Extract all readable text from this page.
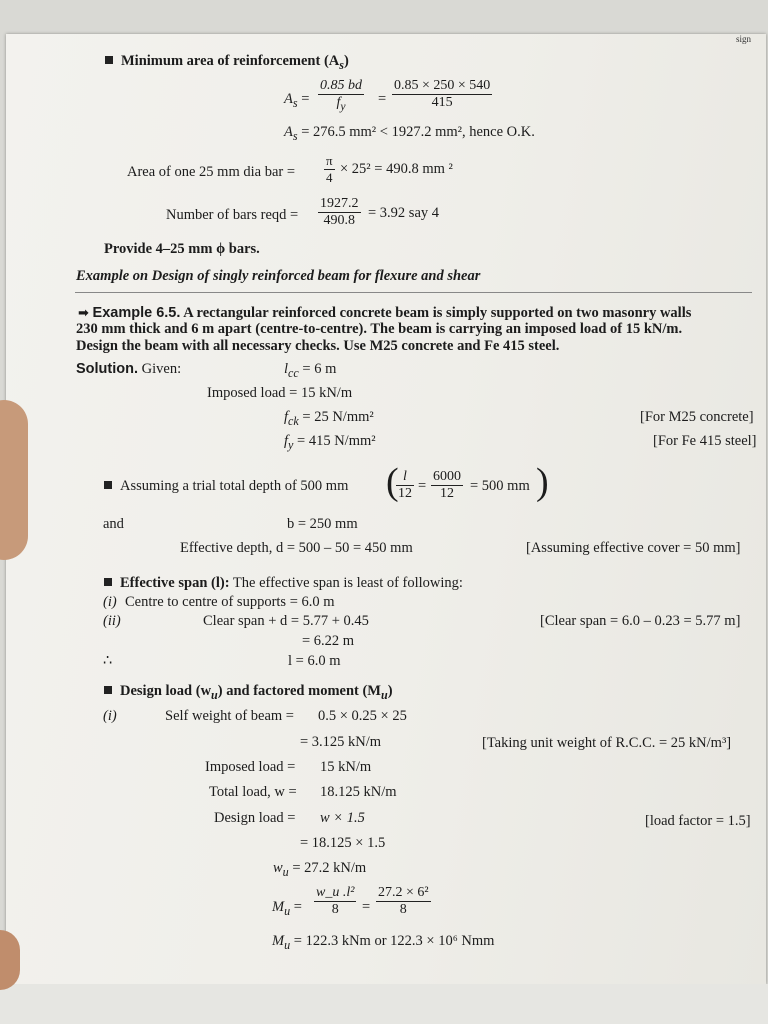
sign
Minimum area of reinforcement $(A_s)$
$A_s = \frac{0.85 bd}{f_y} = \frac{0.85 \times 250 \times 540}{415}$
$A_s = 276.5$ mm² < 1927.2 mm², hence O.K.
Area of one 25 mm dia bar = $\frac{\pi}{4} \times 25^2 = 490.8$ mm ²
Number of bars reqd = $\frac{1927.2}{490.8} = 3.92$ say 4
Provide 4–25 mm ϕ bars.
Example on Design of singly reinforced beam for flexure and shear
➡ Example 6.5. A rectangular reinforced concrete beam is simply supported on two masonry walls
230 mm thick and 6 m apart (centre-to-centre). The beam is carrying an imposed load of 15 kN/m.
Design the beam with all necessary checks. Use M25 concrete and Fe 415 steel.
Solution. Given:	$l_{cc} = 6$ m
Imposed load = 15 kN/m
$f_{ck} = 25$ N/mm²	[For M25 concrete]
$f_y = 415$ N/mm²	[For Fe 415 steel]
Assuming a trial total depth of 500 mm (
$\frac{l}{12} = \frac{6000}{12} = 500$ mm )
and	b = 250 mm
Effective depth, d = 500 – 50 = 450 mm	[Assuming effective cover = 50 mm]
Effective span (l): The effective span is least of following:
(i) Centre to centre of supports = 6.0 m
(ii)	Clear span + d = 5.77 + 0.45	[Clear span = 6.0 – 0.23 = 5.77 m]
= 6.22 m
∴	l = 6.0 m
Design load $(w_u)$ and factored moment $(M_u)$
(i)	Self weight of beam = 0.5 × 0.25 × 25
= 3.125 kN/m	[Taking unit weight of R.C.C. = 25 kN/m³]
Imposed load = 15 kN/m
Total load, w = 18.125 kN/m
Design load = w × 1.5	[load factor = 1.5]
= 18.125 × 1.5
$w_u = 27.2$ kN/m
$M_u = \frac{\text{w\_u .l²}}{8} = \frac{\text{27.2 × 6²}}{8}$
$M_u = 122.3$ kNm or 122.3 × 10⁶ Nmm
